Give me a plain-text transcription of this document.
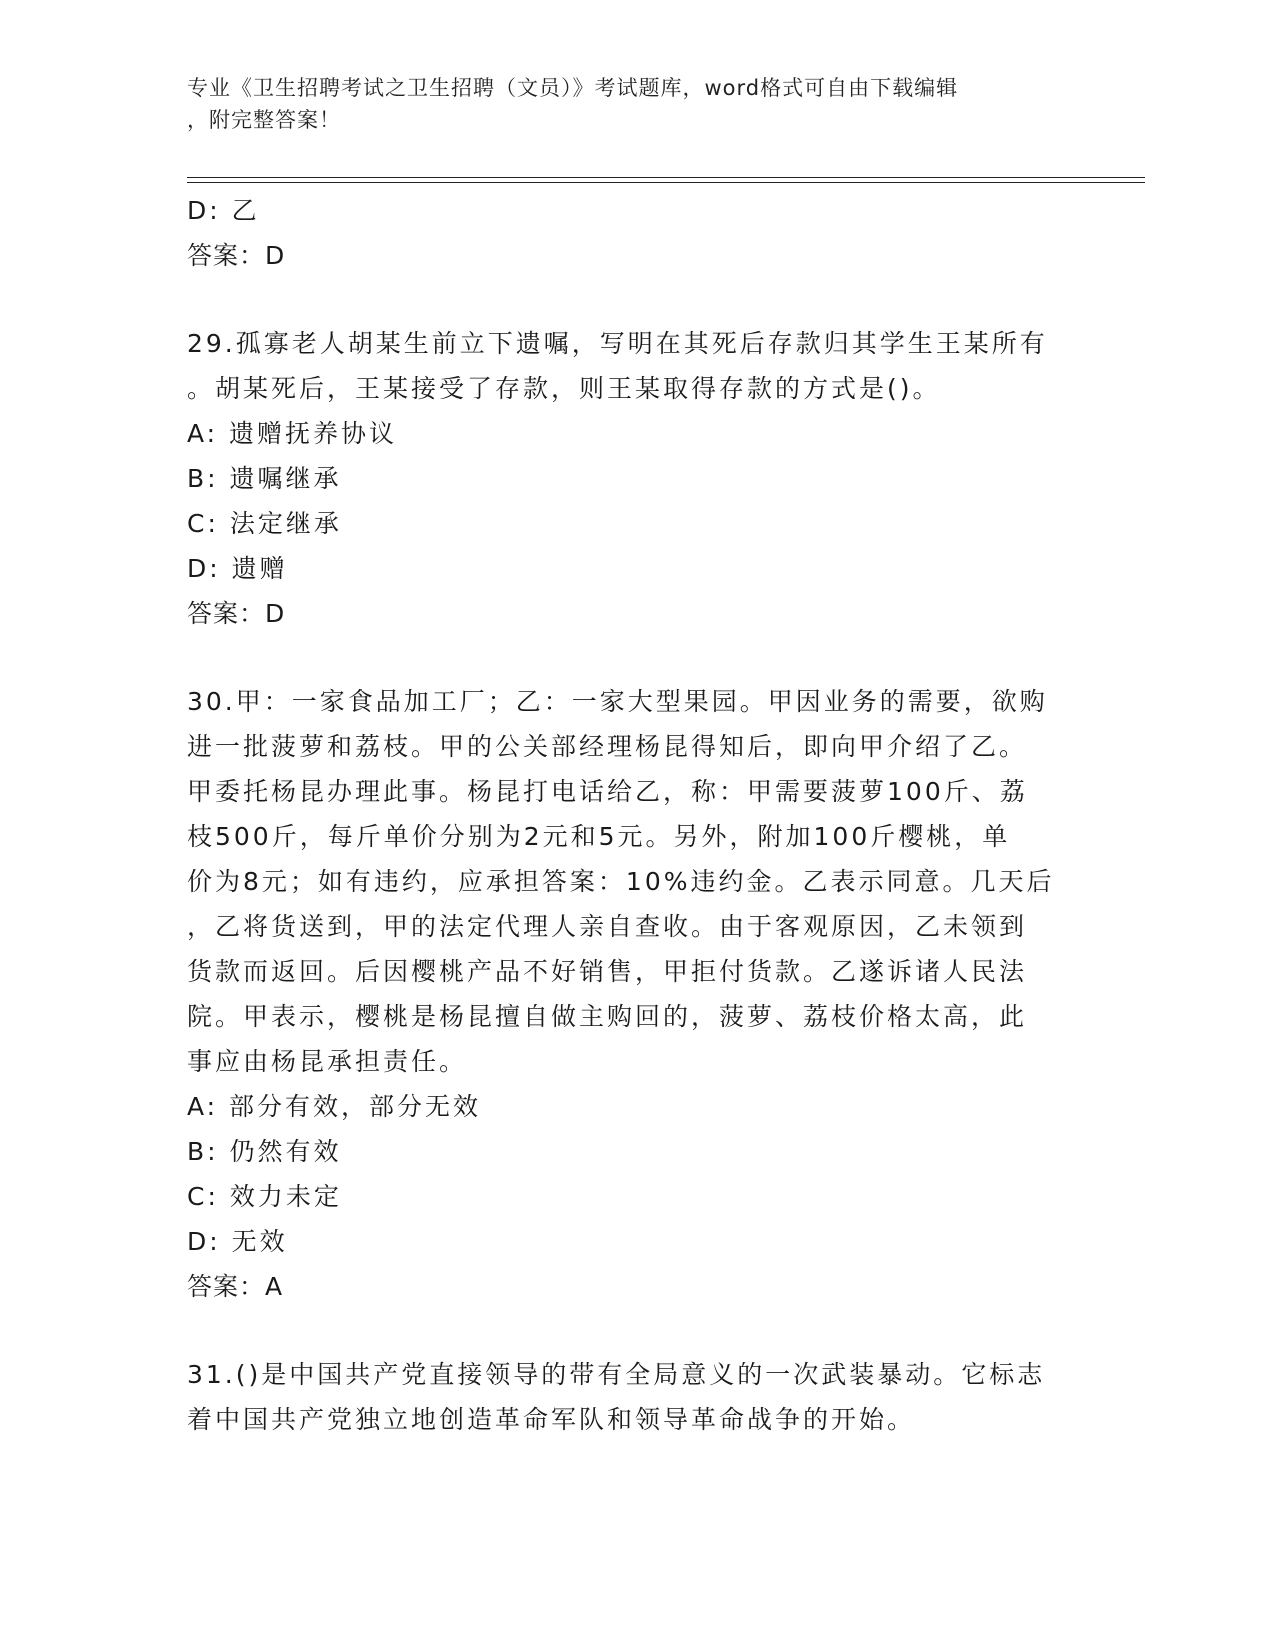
专业《卫生招聘考试之卫生招聘（文员）》考试题库，word格式可自由下载编辑
，附完整答案！
D: 乙
答案：D
29.孤寡老人胡某生前立下遗嘱，写明在其死后存款归其学生王某所有
。胡某死后，王某接受了存款，则王某取得存款的方式是()。
A: 遗赠抚养协议
B: 遗嘱继承
C: 法定继承
D: 遗赠
答案：D
30.甲：一家食品加工厂；乙：一家大型果园。甲因业务的需要，欲购
进一批菠萝和荔枝。甲的公关部经理杨昆得知后，即向甲介绍了乙。
甲委托杨昆办理此事。杨昆打电话给乙，称：甲需要菠萝100斤、荔
枝500斤，每斤单价分别为2元和5元。另外，附加100斤樱桃，单
价为8元；如有违约，应承担答案：10%违约金。乙表示同意。几天后
，乙将货送到，甲的法定代理人亲自查收。由于客观原因，乙未领到
货款而返回。后因樱桃产品不好销售，甲拒付货款。乙遂诉诸人民法
院。甲表示，樱桃是杨昆擅自做主购回的，菠萝、荔枝价格太高，此
事应由杨昆承担责任。
A: 部分有效，部分无效
B: 仍然有效
C: 效力未定
D: 无效
答案：A
31.()是中国共产党直接领导的带有全局意义的一次武装暴动。它标志
着中国共产党独立地创造革命军队和领导革命战争的开始。
